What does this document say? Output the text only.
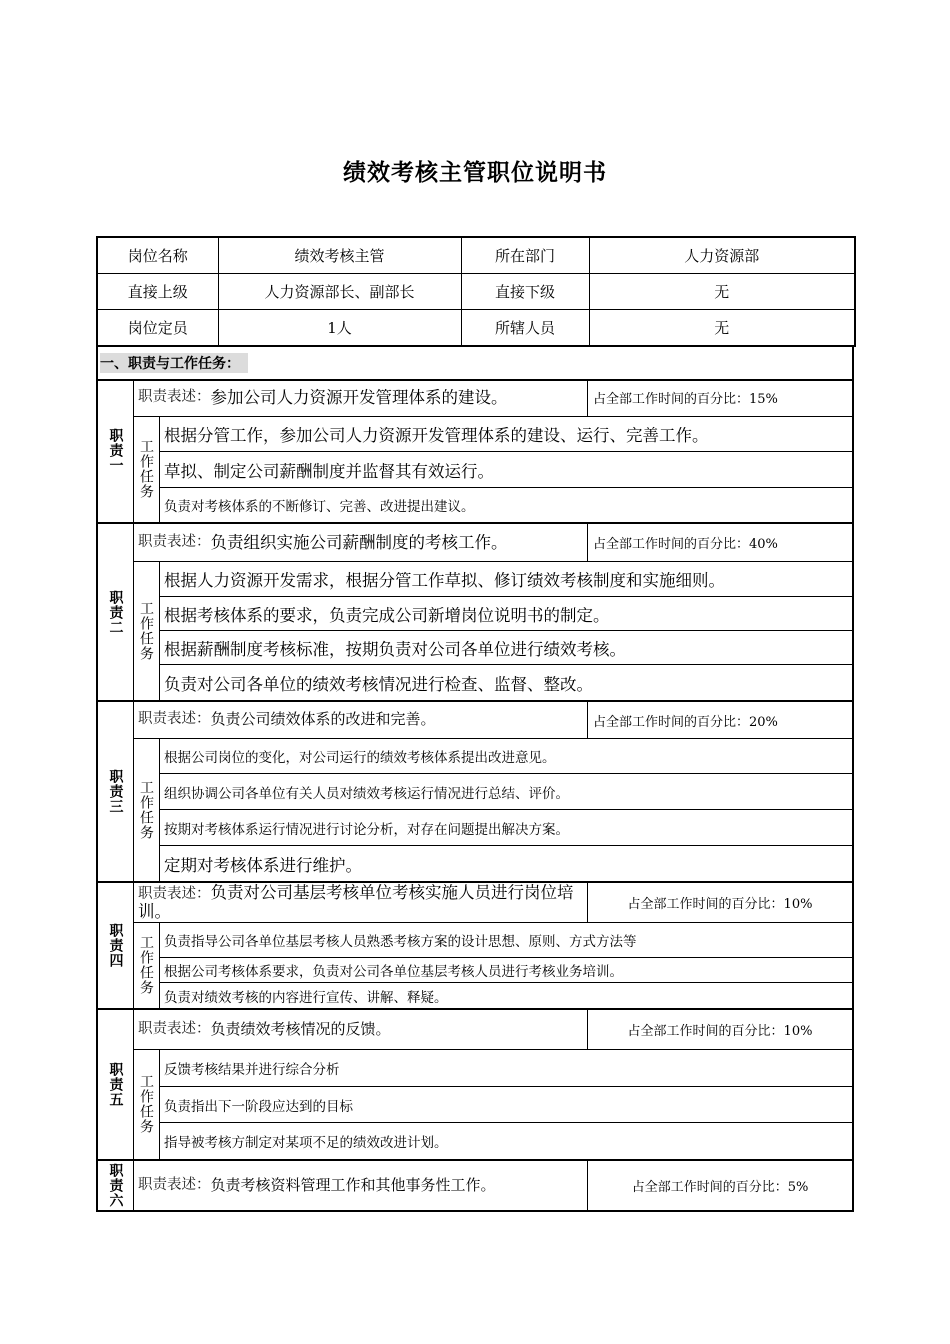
绩效考核主管职位说明书
岗位名称	绩效考核主管	所在部门	人力资源部
直接上级	人力资源部长、副部长	直接下级	无
岗位定员	1人	所辖人员	无
一、职责与工作任务：
职责一
职责表述： 参加公司人力资源开发管理体系的建设。	占全部工作时间的百分比：15%
工作任务
根据分管工作，参加公司人力资源开发管理体系的建设、运行、完善工作。
草拟、制定公司薪酬制度并监督其有效运行。
负责对考核体系的不断修订、完善、改进提出建议。
职责二
职责表述： 负责组织实施公司薪酬制度的考核工作。	占全部工作时间的百分比：40%
工作任务
根据人力资源开发需求，根据分管工作草拟、修订绩效考核制度和实施细则。
根据考核体系的要求，负责完成公司新增岗位说明书的制定。
根据薪酬制度考核标准，按期负责对公司各单位进行绩效考核。
负责对公司各单位的绩效考核情况进行检查、监督、整改。
职责三
职责表述： 负责公司绩效体系的改进和完善。	占全部工作时间的百分比：20%
工作任务
根据公司岗位的变化，对公司运行的绩效考核体系提出改进意见。
组织协调公司各单位有关人员对绩效考核运行情况进行总结、评价。
按期对考核体系运行情况进行讨论分析，对存在问题提出解决方案。
定期对考核体系进行维护。
职责四
职责表述：负责对公司基层考核单位考核实施人员进行岗位培训。	占全部工作时间的百分比：10%
工作任务 负责指导公司各单位基层考核人员熟悉考核方案的设计思想、原则、方式方法等
根据公司考核体系要求，负责对公司各单位基层考核人员进行考核业务培训。
负责对绩效考核的内容进行宣传、讲解、释疑。
职责五
职责表述： 负责绩效考核情况的反馈。	占全部工作时间的百分比：10%
工作任务
反馈考核结果并进行综合分析
负责指出下一阶段应达到的目标
指导被考核方制定对某项不足的绩效改进计划。
职责六 职责表述： 负责考核资料管理工作和其他事务性工作。	占全部工作时间的百分比：5%
